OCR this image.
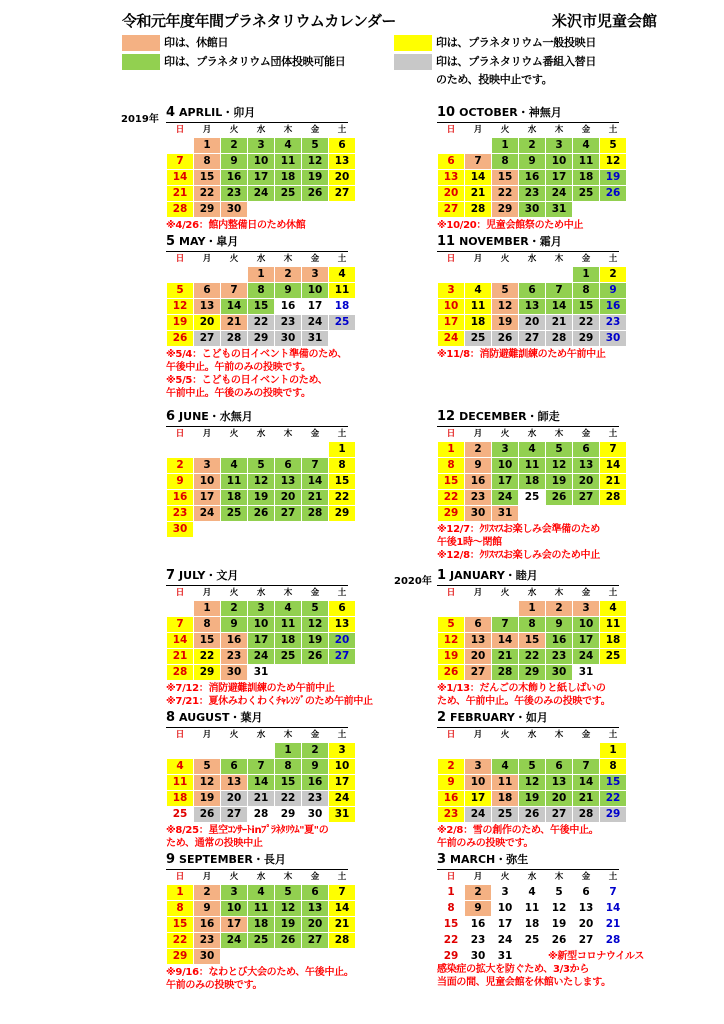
令和元年度年間プラネタリウムカレンダー	米沢市児童会館
印は、休館日
印は、プラネタリウム団体投映可能日
印は、プラネタリウム一般投映日
印は、プラネタリウム番組入替日
のため、投映中止です。
2019年
2020年
4 APRLIL・卯月
日	月	火	水	木	金	土
	1	2	3	4	5	6
7	8	9	10	11	12	13
14	15	16	17	18	19	20
21	22	23	24	25	26	27
28	29	30				
※4/26：館内整備日のため休館
5 MAY・皐月
日	月	火	水	木	金	土
			1	2	3	4
5	6	7	8	9	10	11
12	13	14	15	16	17	18
19	20	21	22	23	24	25
26	27	28	29	30	31	
※5/4：こどもの日イベント準備のため、
午後中止。午前のみの投映です。
※5/5：こどもの日イベントのため、
午前中止。午後のみの投映です。
6 JUNE・水無月
日	月	火	水	木	金	土
						1
2	3	4	5	6	7	8
9	10	11	12	13	14	15
16	17	18	19	20	21	22
23	24	25	26	27	28	29
30						
7 JULY・文月
日	月	火	水	木	金	土
	1	2	3	4	5	6
7	8	9	10	11	12	13
14	15	16	17	18	19	20
21	22	23	24	25	26	27
28	29	30	31			
※7/12：消防避難訓練のため午前中止
※7/21：夏休みわくわくﾁｬﾚﾝｼﾞのため午前中止
8 AUGUST・葉月
日	月	火	水	木	金	土
				1	2	3
4	5	6	7	8	9	10
11	12	13	14	15	16	17
18	19	20	21	22	23	24
25	26	27	28	29	30	31
※8/25：星空ｺﾝｻｰﾄinﾌﾟﾗﾈﾀﾘｳﾑ"夏"の
ため、通常の投映中止
9 SEPTEMBER・長月
日	月	火	水	木	金	土
1	2	3	4	5	6	7
8	9	10	11	12	13	14
15	16	17	18	19	20	21
22	23	24	25	26	27	28
29	30					
※9/16：なわとび大会のため、午後中止。
午前のみの投映です。
10 OCTOBER・神無月
日	月	火	水	木	金	土
		1	2	3	4	5
6	7	8	9	10	11	12
13	14	15	16	17	18	19
20	21	22	23	24	25	26
27	28	29	30	31		
※10/20：児童会館祭のため中止
11 NOVEMBER・霜月
日	月	火	水	木	金	土
					1	2
3	4	5	6	7	8	9
10	11	12	13	14	15	16
17	18	19	20	21	22	23
24	25	26	27	28	29	30
※11/8：消防避難訓練のため午前中止
12 DECEMBER・師走
日	月	火	水	木	金	土
1	2	3	4	5	6	7
8	9	10	11	12	13	14
15	16	17	18	19	20	21
22	23	24	25	26	27	28
29	30	31				
※12/7：ｸﾘｽﾏｽお楽しみ会準備のため
午後1時～閉館
※12/8：ｸﾘｽﾏｽお楽しみ会のため中止
1 JANUARY・睦月
日	月	火	水	木	金	土
			1	2	3	4
5	6	7	8	9	10	11
12	13	14	15	16	17	18
19	20	21	22	23	24	25
26	27	28	29	30	31	
※1/13：だんごの木飾りと紙しばいの
ため、午前中止。午後のみの投映です。
2 FEBRUARY・如月
日	月	火	水	木	金	土
						1
2	3	4	5	6	7	8
9	10	11	12	13	14	15
16	17	18	19	20	21	22
23	24	25	26	27	28	29
※2/8：雪の創作のため、午後中止。
午前のみの投映です。
3 MARCH・弥生
日	月	火	水	木	金	土
1	2	3	4	5	6	7
8	9	10	11	12	13	14
15	16	17	18	19	20	21
22	23	24	25	26	27	28
29	30	31					※新型コロナウイルス
感染症の拡大を防ぐため、3/3から
当面の間、児童会館を休館いたします。
